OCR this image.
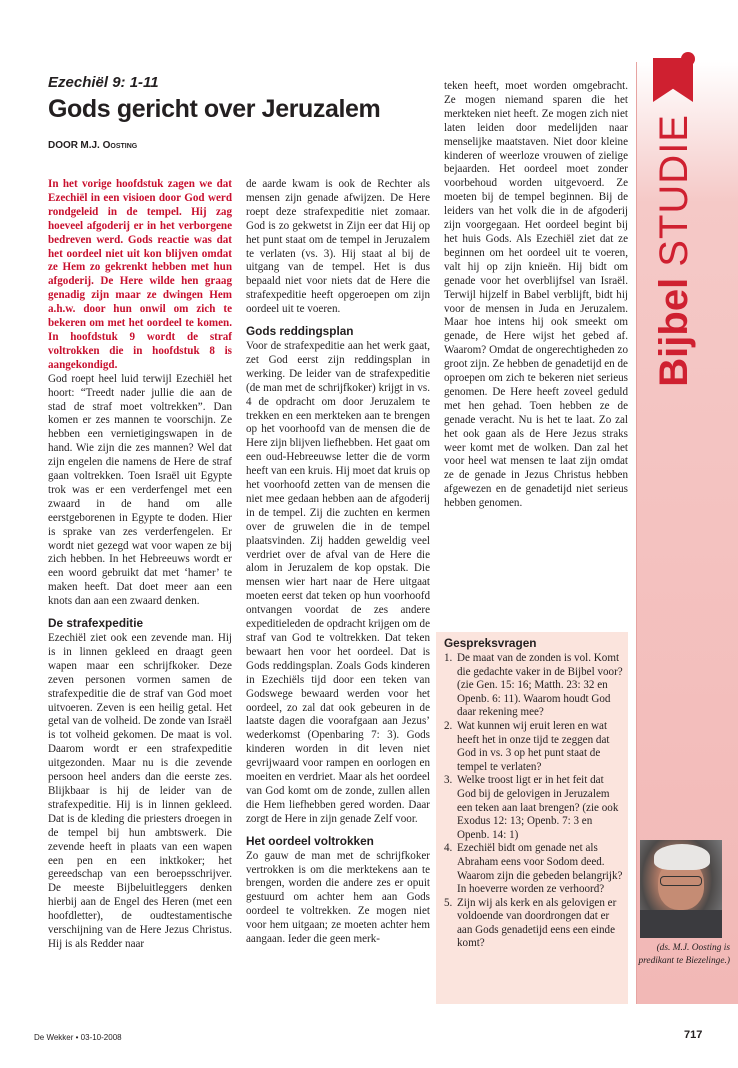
Bijbel STUDIE
Ezechiël 9: 1-11
Gods gericht over Jeruzalem
DOOR M.J. Oosting

In het vorige hoofdstuk zagen we dat Ezechiël in een visioen door God werd rondgeleid in de tempel. Hij zag hoeveel afgoderij er in het verborgene bedreven werd. Gods reactie was dat het oordeel niet uit kon blijven omdat ze Hem zo gekrenkt hebben met hun afgoderij. De Here wilde hen graag genadig zijn maar ze dwingen Hem a.h.w. door hun onwil om zich te bekeren om met het oordeel te komen. In hoofdstuk 9 wordt de straf voltrokken die in hoofdstuk 8 is aangekondigd.

God roept heel luid terwijl Ezechiël het hoort: “Treedt nader jullie die aan de stad de straf moet voltrekken”. Dan komen er zes mannen te voorschijn. Ze hebben een vernietigingswapen in de hand. Wie zijn die zes mannen? Wel dat zijn engelen die namens de Here de straf gaan voltrekken. Toen Israël uit Egypte trok was er een verderfengel met een zwaard in de hand om alle eerstgeborenen in Egypte te doden. Hier is sprake van zes verderfengelen. Er wordt niet gezegd wat voor wapen ze bij zich hebben. In het Hebreeuws wordt er een woord gebruikt dat met ‘hamer’ te maken heeft. Dat doet meer aan een knots dan aan een zwaard denken.

De strafexpeditie

Ezechiël ziet ook een zevende man. Hij is in linnen gekleed en draagt geen wapen maar een schrijfkoker. Deze zeven personen vormen samen de strafexpeditie die de straf van God moet uitvoeren. Zeven is een heilig getal. Het getal van de volheid. De zonde van Israël is tot volheid gekomen. De maat is vol. Daarom wordt er een strafexpeditie uitgezonden. Maar nu is die zevende persoon heel anders dan die eerste zes. Blijkbaar is hij de leider van de strafexpeditie. Hij is in linnen gekleed. Dat is de kleding die priesters droegen in de tempel bij hun ambtswerk. Die zevende heeft in plaats van een wapen een pen en een inktkoker; het gereedschap van een beroepsschrijver. De meeste Bijbeluitleggers denken hierbij aan de Engel des Heren (met een hoofdletter), de oudtestamentische verschijning van de Here Jezus Christus. Hij is als Redder naar

de aarde kwam is ook de Rechter als mensen zijn genade afwijzen. De Here roept deze strafexpeditie niet zomaar. God is zo gekwetst in Zijn eer dat Hij op het punt staat om de tempel in Jeruzalem te verlaten (vs. 3). Hij staat al bij de uitgang van de tempel. Het is dus bepaald niet voor niets dat de Here die strafexpeditie heeft opgeroepen om zijn oordeel uit te voeren.

Gods reddingsplan

Voor de strafexpeditie aan het werk gaat, zet God eerst zijn reddingsplan in werking. De leider van de strafexpeditie (de man met de schrijfkoker) krijgt in vs. 4 de opdracht om door Jeruzalem te trekken en een merkteken aan te brengen op het voorhoofd van de mensen die de Here zijn blijven liefhebben. Het gaat om een oud-Hebreeuwse letter die de vorm heeft van een kruis. Hij moet dat kruis op het voorhoofd zetten van de mensen die niet mee gedaan hebben aan de afgoderij in de tempel. Zij die zuchten en kermen over de gruwelen die in de tempel plaatsvinden. Zij hadden geweldig veel verdriet over de afval van de Here die alom in Jeruzalem de kop opstak. Die mensen wier hart naar de Here uitgaat moeten eerst dat teken op hun voorhoofd ontvangen voordat de zes andere expeditieleden de opdracht krijgen om de straf van God te voltrekken. Dat teken bewaart hen voor het oordeel. Dat is Gods reddingsplan. Zoals Gods kinderen in Ezechiëls tijd door een teken van Godswege bewaard werden voor het oordeel, zo zal dat ook gebeuren in de laatste dagen die voorafgaan aan Jezus’ wederkomst (Openbaring 7: 3). Gods kinderen worden in dit leven niet gevrijwaard voor rampen en oorlogen en moeiten en verdriet. Maar als het oordeel van God komt om de zonde, zullen allen die Hem liefhebben gered worden. Daar zorgt de Here in zijn genade Zelf voor.

Het oordeel voltrokken

Zo gauw de man met de schrijfkoker vertrokken is om die merktekens aan te brengen, worden die andere zes er opuit gestuurd om achter hem aan Gods oordeel te voltrekken. Ze mogen niet voor hem uitgaan; ze moeten achter hem aangaan. Ieder die geen merk-

teken heeft, moet worden omgebracht. Ze mogen niemand sparen die het merkteken niet heeft. Ze mogen zich niet laten leiden door medelijden naar menselijke maatstaven. Niet door kleine kinderen of weerloze vrouwen of zielige bejaarden. Het oordeel moet zonder voorbehoud worden uitgevoerd. Ze moeten bij de tempel beginnen. Bij de leiders van het volk die in de afgoderij zijn voorgegaan. Het oordeel begint bij het huis Gods. Als Ezechiël ziet dat ze beginnen om het oordeel uit te voeren, valt hij op zijn knieën. Hij bidt om genade voor het overblijfsel van Israël. Terwijl hijzelf in Babel verblijft, bidt hij voor de mensen in Juda en Jeruzalem. Maar hoe intens hij ook smeekt om genade, de Here wijst het gebed af. Waarom? Omdat de ongerechtigheden zo groot zijn. Ze hebben de genadetijd en de oproepen om zich te bekeren niet serieus genomen. De Here heeft zoveel geduld met hen gehad. Toen hebben ze de genade veracht. Nu is het te laat. Zo zal het ook gaan als de Here Jezus straks weer komt met de wolken. Dan zal het voor heel wat mensen te laat zijn omdat ze de genade in Jezus Christus hebben afgewezen en de genadetijd niet serieus hebben genomen.

Gespreksvragen
1. De maat van de zonden is vol. Komt die gedachte vaker in de Bijbel voor? (zie Gen. 15: 16; Matth. 23: 32 en Openb. 6: 11). Waarom houdt God daar rekening mee?
2. Wat kunnen wij eruit leren en wat heeft het in onze tijd te zeggen dat God in vs. 3 op het punt staat de tempel te verlaten?
3. Welke troost ligt er in het feit dat God bij de gelovigen in Jeruzalem een teken aan laat brengen? (zie ook Exodus 12: 13; Openb. 7: 3 en Openb. 14: 1)
4. Ezechiël bidt om genade net als Abraham eens voor Sodom deed. Waarom zijn die gebeden belangrijk? In hoeverre worden ze verhoord?
5. Zijn wij als kerk en als gelovigen er voldoende van doordrongen dat er aan Gods genadetijd eens een einde komt?	(ds. M.J. Oosting is predikant te Biezelinge.)
De Wekker • 03-10-2008	717
